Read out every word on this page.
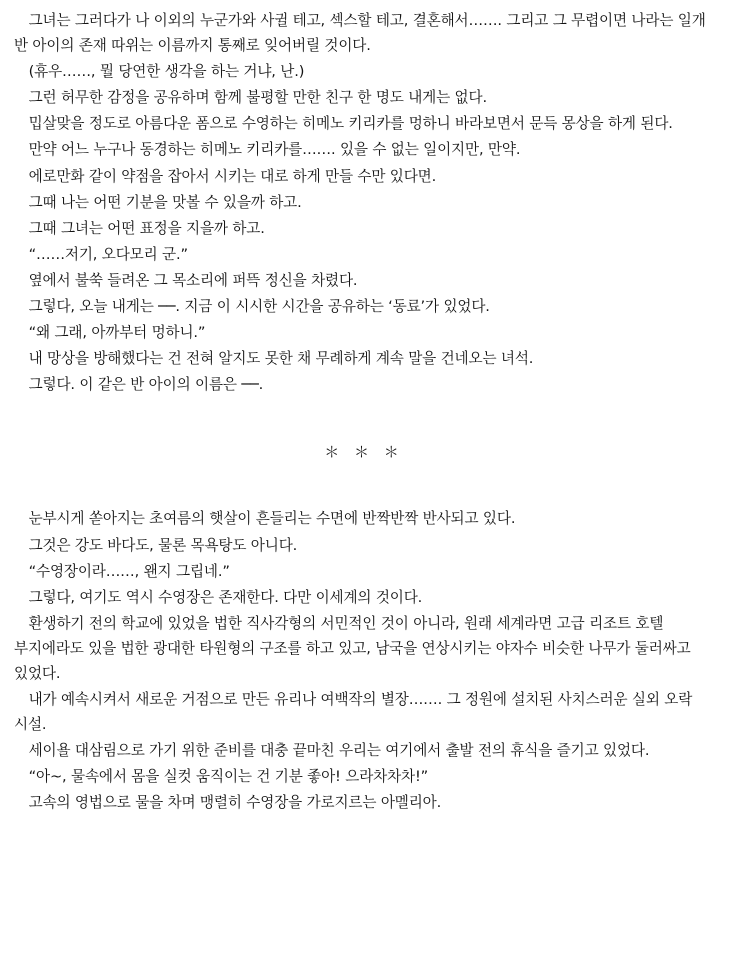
그녀는 그러다가 나 이외의 누군가와 사귈 테고, 섹스할 테고, 결혼해서……. 그리고 그 무렵이면 나라는 일개 반 아이의 존재 따위는 이름까지 통째로 잊어버릴 것이다.

(휴우……, 뭘 당연한 생각을 하는 거냐, 난.)

그런 허무한 감정을 공유하며 함께 불평할 만한 친구 한 명도 내게는 없다.

밉살맞을 정도로 아름다운 폼으로 수영하는 히메노 키리카를 멍하니 바라보면서 문득 몽상을 하게 된다.

만약 어느 누구나 동경하는 히메노 키리카를……. 있을 수 없는 일이지만, 만약.

에로만화 같이 약점을 잡아서 시키는 대로 하게 만들 수만 있다면.

그때 나는 어떤 기분을 맛볼 수 있을까 하고.

그때 그녀는 어떤 표정을 지을까 하고.

“……저기, 오다모리 군.”

옆에서 불쑥 들려온 그 목소리에 퍼뜩 정신을 차렸다.

그렇다, 오늘 내게는 ──. 지금 이 시시한 시간을 공유하는 ‘동료’가 있었다.

“왜 그래, 아까부터 멍하니.”

내 망상을 방해했다는 건 전혀 알지도 못한 채 무례하게 계속 말을 건네오는 녀석.

그렇다. 이 같은 반 아이의 이름은 ──.

＊ ＊ ＊

눈부시게 쏟아지는 초여름의 햇살이 흔들리는 수면에 반짝반짝 반사되고 있다.

그것은 강도 바다도, 물론 목욕탕도 아니다.

“수영장이라……, 왠지 그립네.”

그렇다, 여기도 역시 수영장은 존재한다. 다만 이세계의 것이다.

환생하기 전의 학교에 있었을 법한 직사각형의 서민적인 것이 아니라, 원래 세계라면 고급 리조트 호텔 부지에라도 있을 법한 광대한 타원형의 구조를 하고 있고, 남국을 연상시키는 야자수 비슷한 나무가 둘러싸고 있었다.

내가 예속시켜서 새로운 거점으로 만든 유리나 여백작의 별장……. 그 정원에 설치된 사치스러운 실외 오락 시설.

세이욜 대삼림으로 가기 위한 준비를 대충 끝마친 우리는 여기에서 출발 전의 휴식을 즐기고 있었다.

“아~, 물속에서 몸을 실컷 움직이는 건 기분 좋아! 으라차차차!”

고속의 영법으로 물을 차며 맹렬히 수영장을 가로지르는 아멜리아.
